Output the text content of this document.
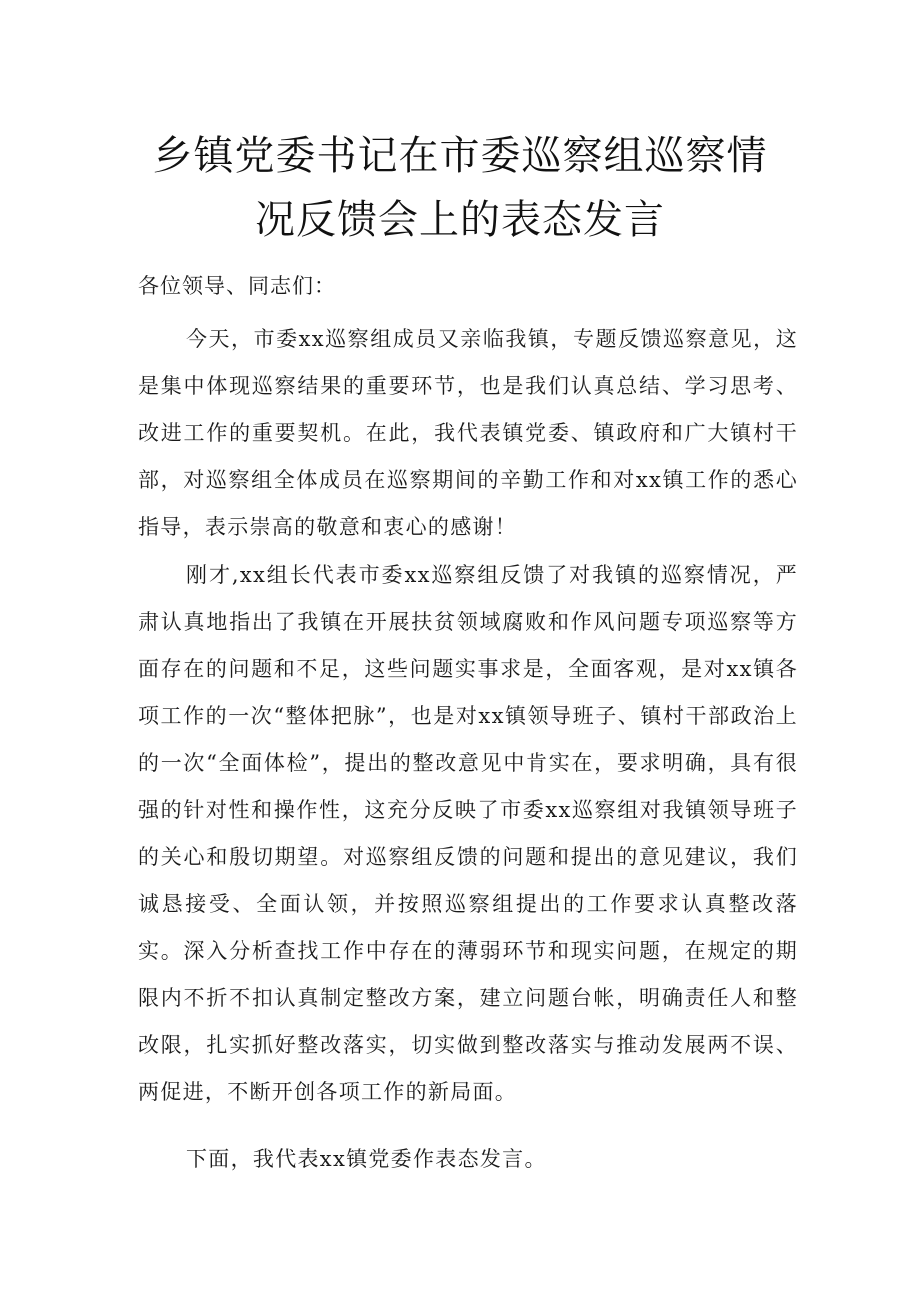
乡镇党委书记在市委巡察组巡察情
况反馈会上的表态发言

各位领导、同志们：

今天，市委xx巡察组成员又亲临我镇，专题反馈巡察意见，这是集中体现巡察结果的重要环节，也是我们认真总结、学习思考、改进工作的重要契机。在此，我代表镇党委、镇政府和广大镇村干部，对巡察组全体成员在巡察期间的辛勤工作和对xx镇工作的悉心指导，表示崇高的敬意和衷心的感谢！

刚才,xx组长代表市委xx巡察组反馈了对我镇的巡察情况，严肃认真地指出了我镇在开展扶贫领域腐败和作风问题专项巡察等方面存在的问题和不足，这些问题实事求是，全面客观，是对xx镇各项工作的一次“整体把脉”，也是对xx镇领导班子、镇村干部政治上的一次“全面体检”，提出的整改意见中肯实在，要求明确，具有很强的针对性和操作性，这充分反映了市委xx巡察组对我镇领导班子的关心和殷切期望。对巡察组反馈的问题和提出的意见建议，我们诚恳接受、全面认领，并按照巡察组提出的工作要求认真整改落实。深入分析查找工作中存在的薄弱环节和现实问题，在规定的期限内不折不扣认真制定整改方案，建立问题台帐，明确责任人和整改限，扎实抓好整改落实，切实做到整改落实与推动发展两不误、两促进，不断开创各项工作的新局面。

下面，我代表xx镇党委作表态发言。
